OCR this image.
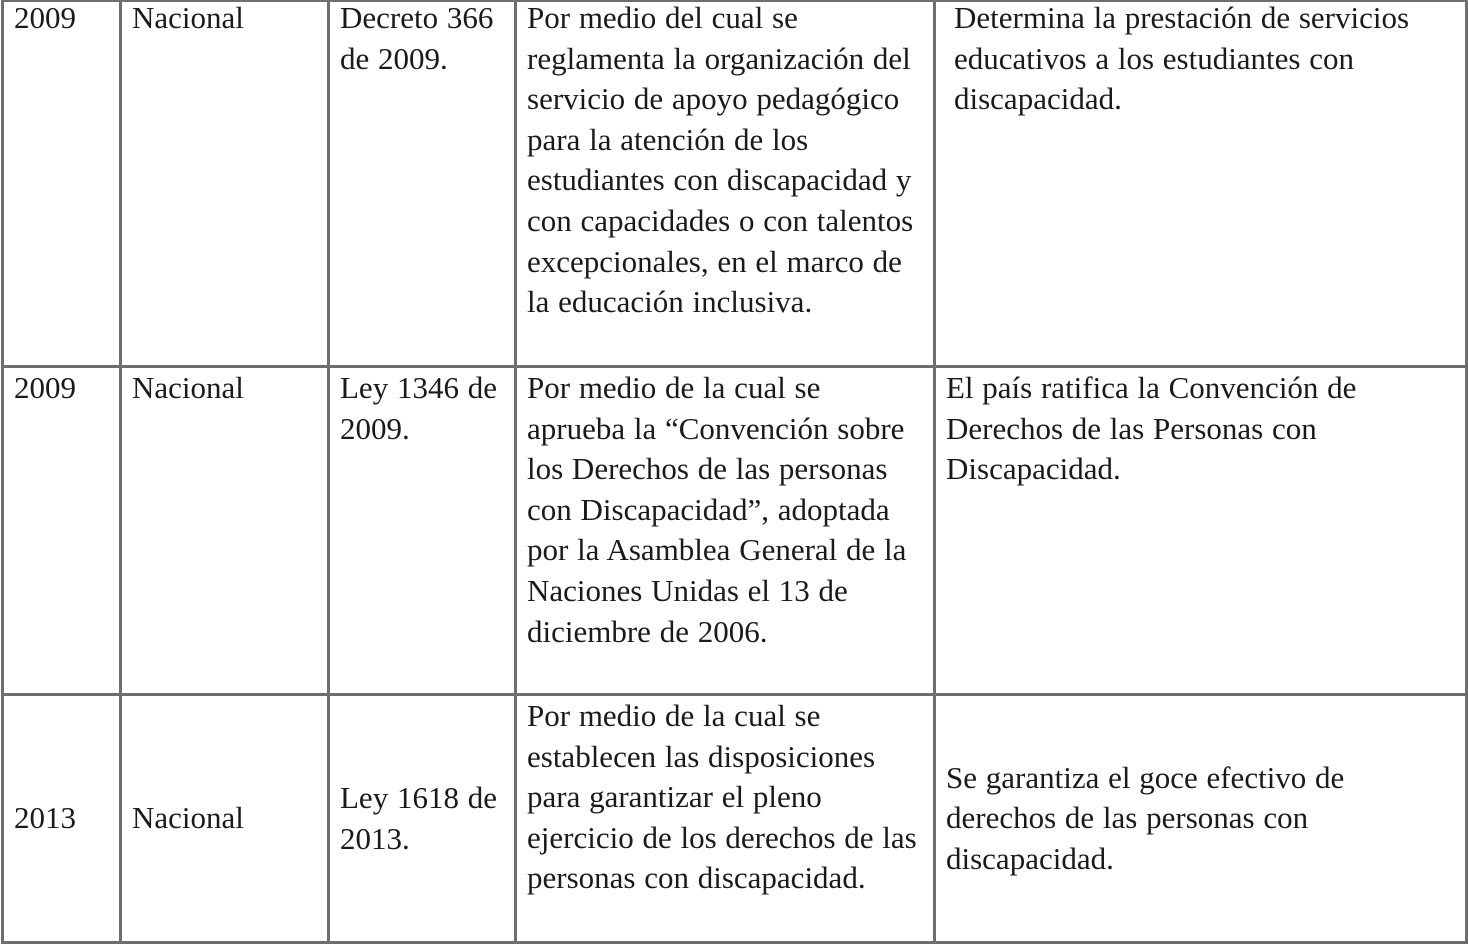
2009	Nacional	Decreto 366 de 2009.	Por medio del cual se reglamenta la organización del servicio de apoyo pedagógico para la atención de los estudiantes con discapacidad y con capacidades o con talentos excepcionales, en el marco de la educación inclusiva.	Determina la prestación de servicios educativos a los estudiantes con discapacidad.

2009	Nacional	Ley 1346 de 2009.	Por medio de la cual se aprueba la “Convención sobre los Derechos de las personas con Discapacidad”, adoptada por la Asamblea General de la Naciones Unidas el 13 de diciembre de 2006.	El país ratifica la Convención de Derechos de las Personas con Discapacidad.
2013	Nacional	Ley 1618 de 2013.	Por medio de la cual se establecen las disposiciones para garantizar el pleno ejercicio de los derechos de las personas con discapacidad.	Se garantiza el goce efectivo de derechos de las personas con discapacidad.
